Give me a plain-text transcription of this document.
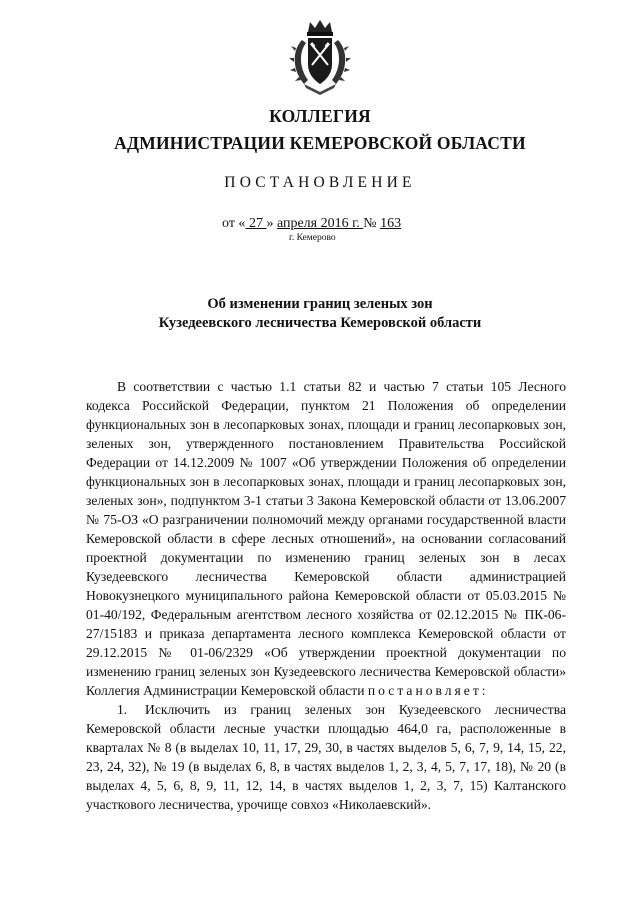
КОЛЛЕГИЯ
АДМИНИСТРАЦИИ КЕМЕРОВСКОЙ ОБЛАСТИ
ПОСТАНОВЛЕНИЕ
от « 27 » апреля 2016 г. № 163
г. Кемерово
Об изменении границ зеленых зон
Кузедеевского лесничества Кемеровской области

В соответствии с частью 1.1 статьи 82 и частью 7 статьи 105 Лесного кодекса Российской Федерации, пунктом 21 Положения об определении функциональных зон в лесопарковых зонах, площади и границ лесопарковых зон, зеленых зон, утвержденного постановлением Правительства Российской Федерации от 14.12.2009 № 1007 «Об утверждении Положения об определении функциональных зон в лесопарковых зонах, площади и границ лесопарковых зон, зеленых зон», подпунктом 3-1 статьи 3 Закона Кемеровской области от 13.06.2007 № 75-ОЗ «О разграничении полномочий между органами государственной власти Кемеровской области в сфере лесных отношений», на основании согласований проектной документации по изменению границ зеленых зон в лесах Кузедеевского лесничества Кемеровской области администрацией Новокузнецкого муниципального района Кемеровской области от 05.03.2015 № 01-40/192, Федеральным агентством лесного хозяйства от 02.12.2015 № ПК-06-27/15183 и приказа департамента лесного комплекса Кемеровской области от 29.12.2015 № 01-06/2329 «Об утверждении проектной документации по изменению границ зеленых зон Кузедеевского лесничества Кемеровской области» Коллегия Администрации Кемеровской области постановляет:

1. Исключить из границ зеленых зон Кузедеевского лесничества Кемеровской области лесные участки площадью 464,0 га, расположенные в кварталах № 8 (в выделах 10, 11, 17, 29, 30, в частях выделов 5, 6, 7, 9, 14, 15, 22, 23, 24, 32), № 19 (в выделах 6, 8, в частях выделов 1, 2, 3, 4, 5, 7, 17, 18), № 20 (в выделах 4, 5, 6, 8, 9, 11, 12, 14, в частях выделов 1, 2, 3, 7, 15) Калтанского участкового лесничества, урочище совхоз «Николаевский».
